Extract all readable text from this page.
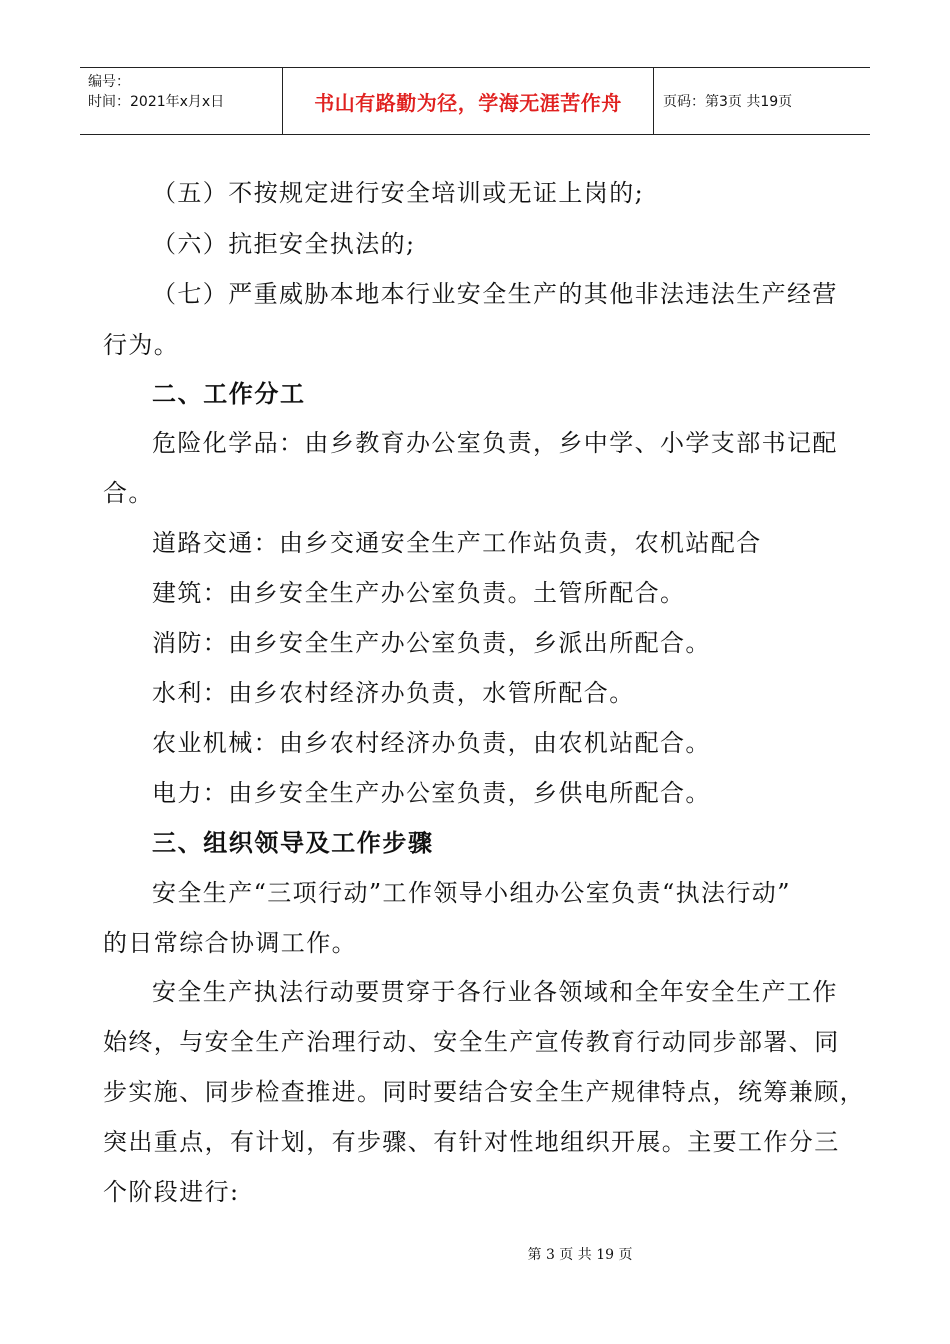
编号：
时间：2021年x月x日	书山有路勤为径，学海无涯苦作舟	页码：第3页 共19页
（五）不按规定进行安全培训或无证上岗的;
（六）抗拒安全执法的;
（七）严重威胁本地本行业安全生产的其他非法违法生产经营
行为。
二、工作分工
危险化学品：由乡教育办公室负责，乡中学、小学支部书记配
合。
道路交通：由乡交通安全生产工作站负责，农机站配合
建筑：由乡安全生产办公室负责。土管所配合。
消防：由乡安全生产办公室负责，乡派出所配合。
水利：由乡农村经济办负责，水管所配合。
农业机械：由乡农村经济办负责，由农机站配合。
电力：由乡安全生产办公室负责，乡供电所配合。
三、组织领导及工作步骤
安全生产“三项行动”工作领导小组办公室负责“执法行动”
的日常综合协调工作。
安全生产执法行动要贯穿于各行业各领域和全年安全生产工作
始终，与安全生产治理行动、安全生产宣传教育行动同步部署、同
步实施、同步检查推进。同时要结合安全生产规律特点，统筹兼顾，
突出重点，有计划，有步骤、有针对性地组织开展。主要工作分三
个阶段进行:
第 3 页 共 19 页
